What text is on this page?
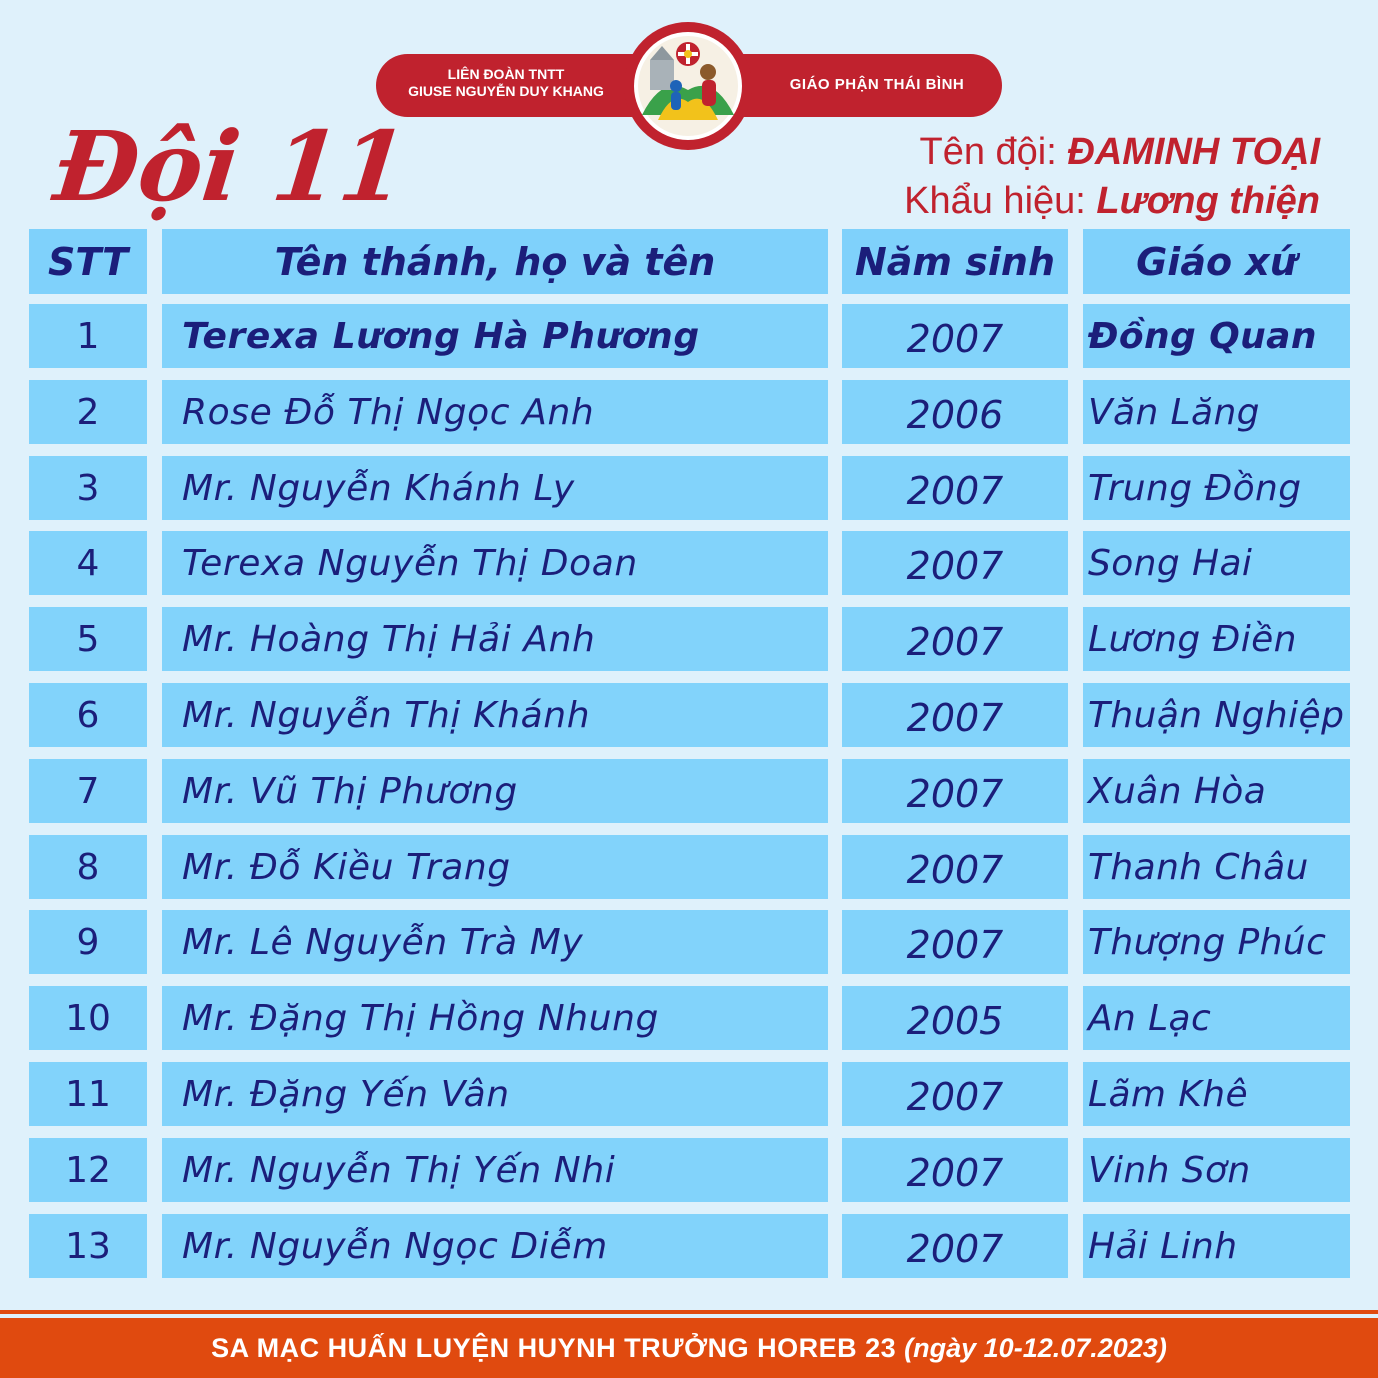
LIÊN ĐOÀN TNTT
GIUSE NGUYỄN DUY KHANG	GIÁO PHẬN THÁI BÌNH
Đội 11	Tên đội: ĐAMINH TOẠI
Khẩu hiệu: Lương thiện
STT	Tên thánh, họ và tên	Năm sinh	Giáo xứ
1	Terexa Lương Hà Phương	2007	Đồng Quan
2	Rose Đỗ Thị Ngọc Anh	2006	Văn Lăng
3	Mr. Nguyễn Khánh Ly	2007	Trung Đồng
4	Terexa Nguyễn Thị Doan	2007	Song Hai
5	Mr. Hoàng Thị Hải Anh	2007	Lương Điền
6	Mr. Nguyễn Thị Khánh	2007	Thuận Nghiệp
7	Mr. Vũ Thị Phương	2007	Xuân Hòa
8	Mr. Đỗ Kiều Trang	2007	Thanh Châu
9	Mr. Lê Nguyễn Trà My	2007	Thượng Phúc
10	Mr. Đặng Thị Hồng Nhung	2005	An Lạc
11	Mr. Đặng Yến Vân	2007	Lãm Khê
12	Mr. Nguyễn Thị Yến Nhi	2007	Vinh Sơn
13	Mr. Nguyễn Ngọc Diễm	2007	Hải Linh
SA MẠC HUẤN LUYỆN HUYNH TRƯỞNG HOREB 23 (ngày 10-12.07.2023)
